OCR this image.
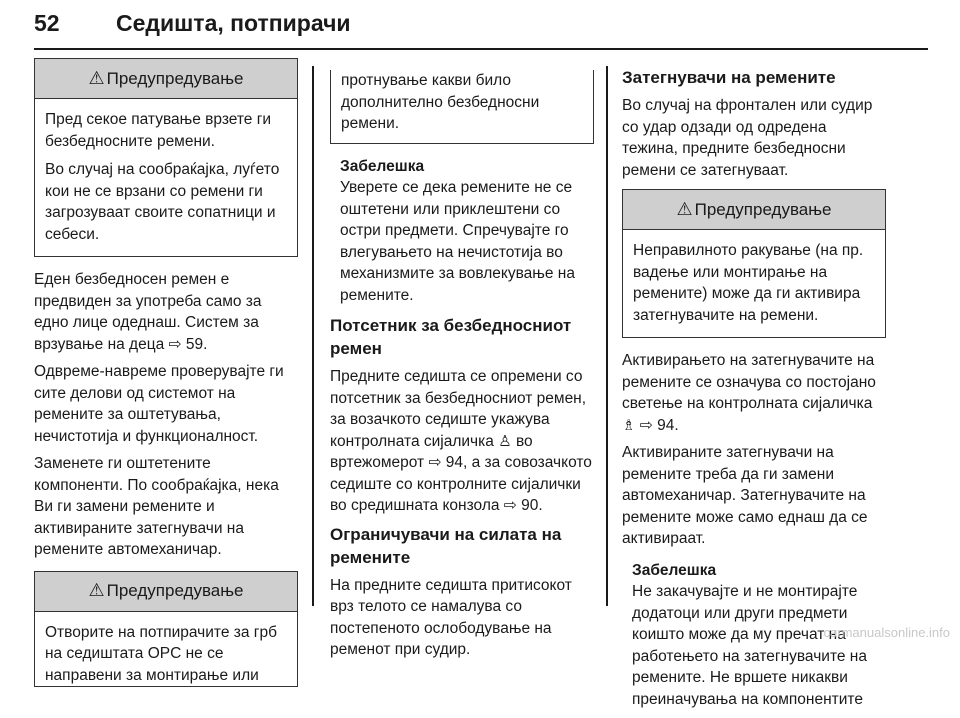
52 Седишта, потпирачи
⚠ Предупредување

Пред секое патување врзете ги безбедносните ремени.

Во случај на сообраќајка, луѓето кои не се врзани со ремени ги загрозуваат своите сопатници и себеси.

Еден безбедносен ремен е предвиден за употреба само за едно лице одеднаш. Систем за врзување на деца ⇨ 59.

Одвреме-навреме проверувајте ги сите делови од системот на ремените за оштетувања, нечистотија и функционалност.

Заменете ги оштетените компоненти. По сообраќајка, нека Ви ги замени ремените и активираните затегнувачи на ремените автомеханичар.

⚠ Предупредување

Отворите на потпирачите за грб на седиштата OPC не се направени за монтирање или

протнување какви било дополнително безбедносни ремени.

Забелешка
Уверете се дека ремените не се оштетени или приклештени со остри предмети. Спречувајте го влегувањето на нечистотија во механизмите за вовлекување на ремените.
Потсетник за безбедносниот ремен

Предните седишта се опремени со потсетник за безбедносниот ремен, за возачкото седиште укажува контролната сијаличка ♙ во вртежомерот ⇨ 94, а за совозачкото седиште со контролните сијалички во средишната конзола ⇨ 90.

Ограничувачи на силата на ремените

На предните седишта притисокот врз телото се намалува со постепеното ослободување на ременот при судир.

Затегнувачи на ремените

Во случај на фронтален или судир со удар одзади од одредена тежина, предните безбедносни ремени се затегнуваат.

⚠ Предупредување

Неправилното ракување (на пр. вадење или монтирање на ремените) може да ги активира затегнувачите на ремени.

Активирањето на затегнувачите на ремените се означува со постојано светење на контролната сијаличка ♗ ⇨ 94.

Активираните затегнувачи на ремените треба да ги замени автомеханичар. Затегнувачите на ремените може само еднаш да се активираат.

Забелешка
Не закачувајте и не монтирајте додатоци или други предмети коишто може да му пречат на работењето на затегнувачите на ремените. Не вршете никакви преиначувања на компонентите
carmanualsonline.info
